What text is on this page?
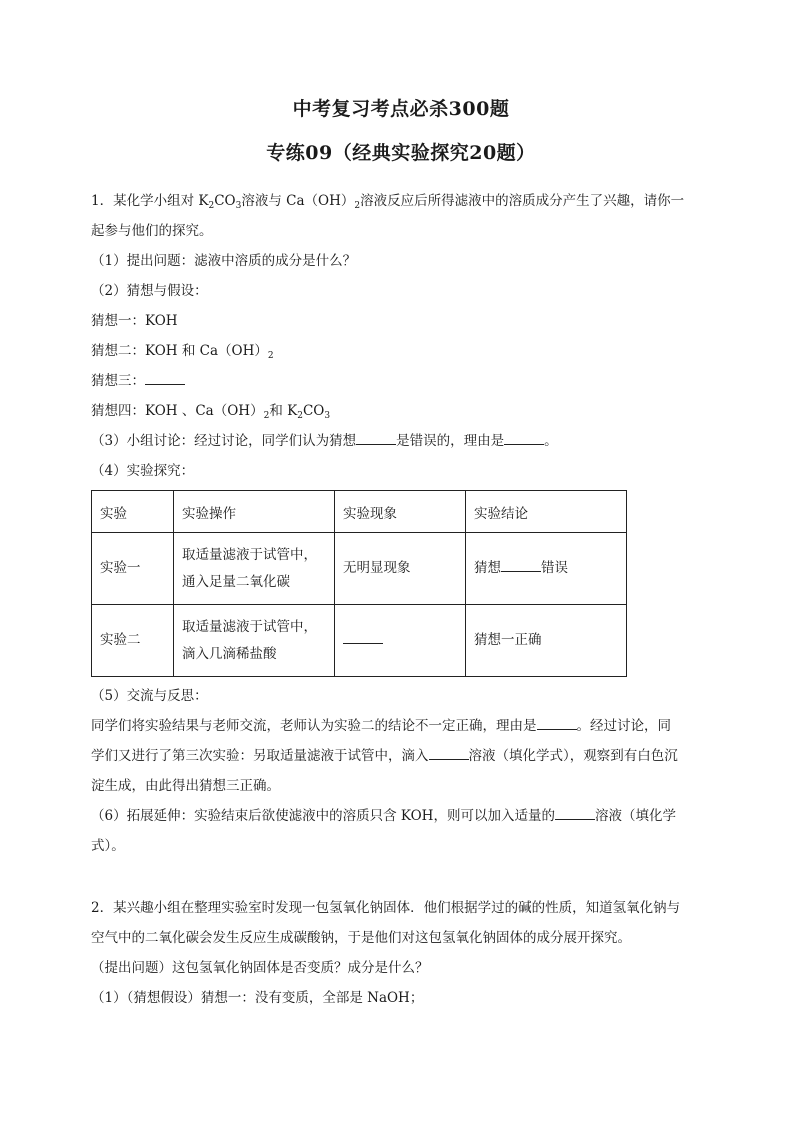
中考复习考点必杀300题
专练09（经典实验探究20题）
1．某化学小组对 $K_2CO_3$溶液与 $Ca(OH)_2$溶液反应后所得滤液中的溶质成分产生了兴趣，请你一
起参与他们的探究。
（1）提出问题：滤液中溶质的成分是什么？
（2）猜想与假设：
猜想一：KOH
猜想二：KOH 和 $Ca(OH)_2$
猜想三：
猜想四：KOH 、$Ca(OH)_2$和 $K_2CO_3$
（3）小组讨论：经过讨论，同学们认为猜想	是错误的，理由是	。
（4）实验探究：
实验	实验操作	实验现象	实验结论
实验一	取适量滤液于试管中，
通入足量二氧化碳	无明显现象	猜想 错误
实验二	取适量滤液于试管中，
滴入几滴稀盐酸		猜想一正确
（5）交流与反思：
同学们将实验结果与老师交流，老师认为实验二的结论不一定正确，理由是	。经过讨论，同
学们又进行了第三次实验：另取适量滤液于试管中，滴入	溶液（填化学式），观察到有白色沉
淀生成，由此得出猜想三正确。
（6）拓展延伸：实验结束后欲使滤液中的溶质只含 KOH，则可以加入适量的	溶液（填化学
式）。
2．某兴趣小组在整理实验室时发现一包氢氧化钠固体．他们根据学过的碱的性质，知道氢氧化钠与
空气中的二氧化碳会发生反应生成碳酸钠，于是他们对这包氢氧化钠固体的成分展开探究。
（提出问题）这包氢氧化钠固体是否变质？成分是什么？
（1）（猜想假设）猜想一：没有变质，全部是 NaOH；
